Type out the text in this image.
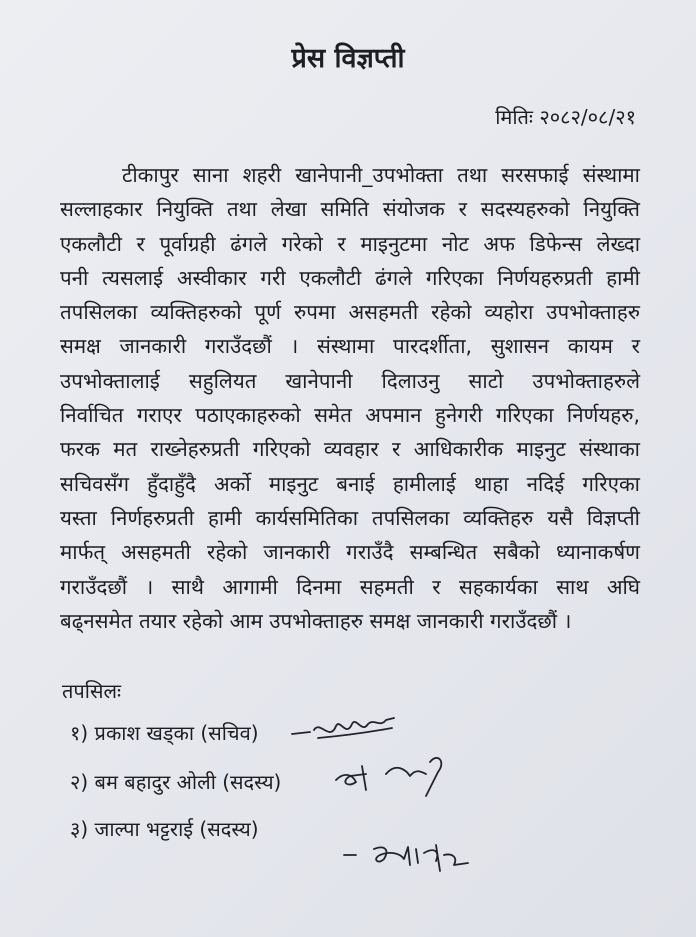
प्रेस विज्ञप्ती
मितिः २०८२/०८/२१
टीकापुर साना शहरी खानेपानी_उपभोक्ता तथा सरसफाई संस्थामा
सल्लाहकार नियुक्ति तथा लेखा समिति संयोजक र सदस्यहरुको नियुक्ति
एकलौटी र पूर्वाग्रही ढंगले गरेको र माइनुटमा नोट अफ डिफेन्स लेख्दा
पनी त्यसलाई अस्वीकार गरी एकलौटी ढंगले गरिएका निर्णयहरुप्रती हामी
तपसिलका व्यक्तिहरुको पूर्ण रुपमा असहमती रहेको व्यहोरा उपभोक्ताहरु
समक्ष जानकारी गराउँदछौं । संस्थामा पारदर्शीता, सुशासन कायम र
उपभोक्तालाई सहुलियत खानेपानी दिलाउनु साटो उपभोक्ताहरुले
निर्वाचित गराएर पठाएकाहरुको समेत अपमान हुनेगरी गरिएका निर्णयहरु,
फरक मत राख्नेहरुप्रती गरिएको व्यवहार र आधिकारीक माइनुट संस्थाका
सचिवसँग हुँदाहुँदै अर्को माइनुट बनाई हामीलाई थाहा नदिई गरिएका
यस्ता निर्णहरुप्रती हामी कार्यसमितिका तपसिलका व्यक्तिहरु यसै विज्ञप्ती
मार्फत् असहमती रहेको जानकारी गराउँदै सम्बन्धित सबैको ध्यानाकर्षण
गराउँदछौं । साथै आगामी दिनमा सहमती र सहकार्यका साथ अघि
बढ्नसमेत तयार रहेको आम उपभोक्ताहरु समक्ष जानकारी गराउँदछौं ।
तपसिलः
१) प्रकाश खड्का (सचिव)
२) बम बहादुर ओली (सदस्य)
३) जाल्पा भट्टराई (सदस्य)
